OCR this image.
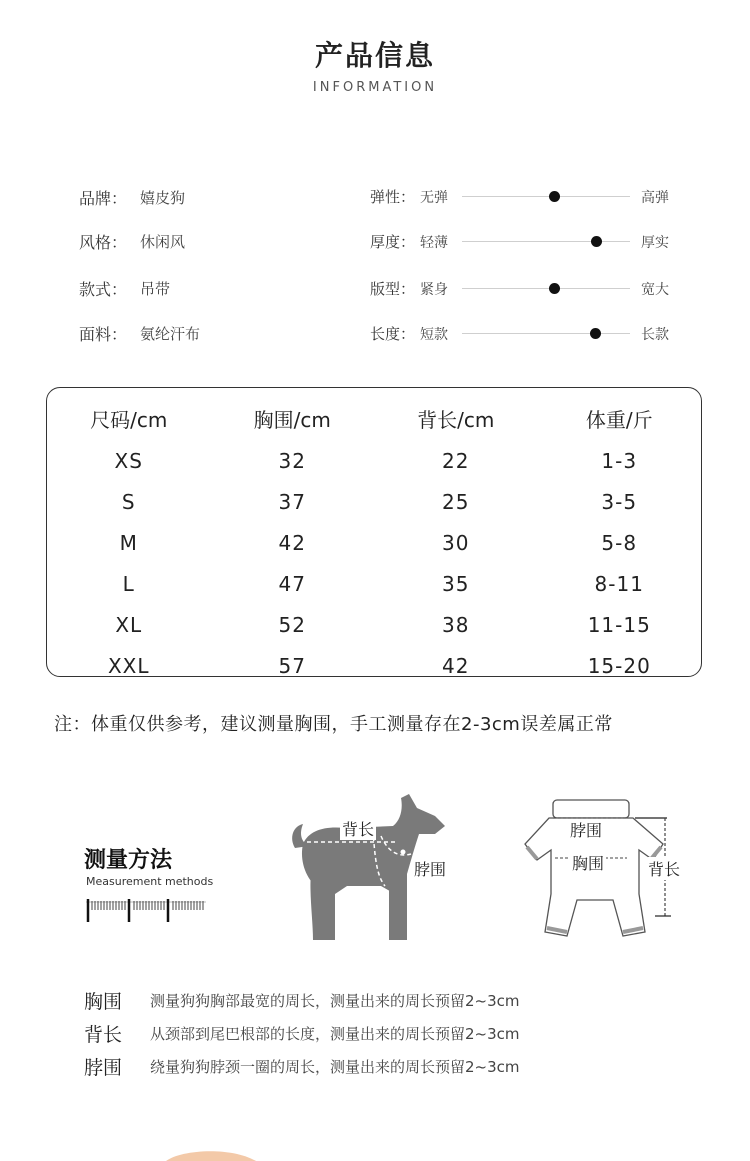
产品信息
INFORMATION
品牌： 嬉皮狗
风格： 休闲风
款式： 吊带
面料： 氨纶汗布
弹性： 无弹	高弹
厚度： 轻薄	厚实
版型： 紧身	宽大
长度： 短款	长款
尺码/cm	胸围/cm	背长/cm	体重/斤
XS	32	22	1-3
S	37	25	3-5
M	42	30	5-8
L	47	35	8-11
XL	52	38	11-15
XXL	57	42	15-20
注：体重仅供参考，建议测量胸围，手工测量存在2-3cm误差属正常
测量方法
Measurement methods
背长
脖围
胸围
脖围
胸围	背长
胸围 测量狗狗胸部最宽的周长，测量出来的周长预留2~3cm
背长 从颈部到尾巴根部的长度，测量出来的周长预留2~3cm
脖围 绕量狗狗脖颈一圈的周长，测量出来的周长预留2~3cm
